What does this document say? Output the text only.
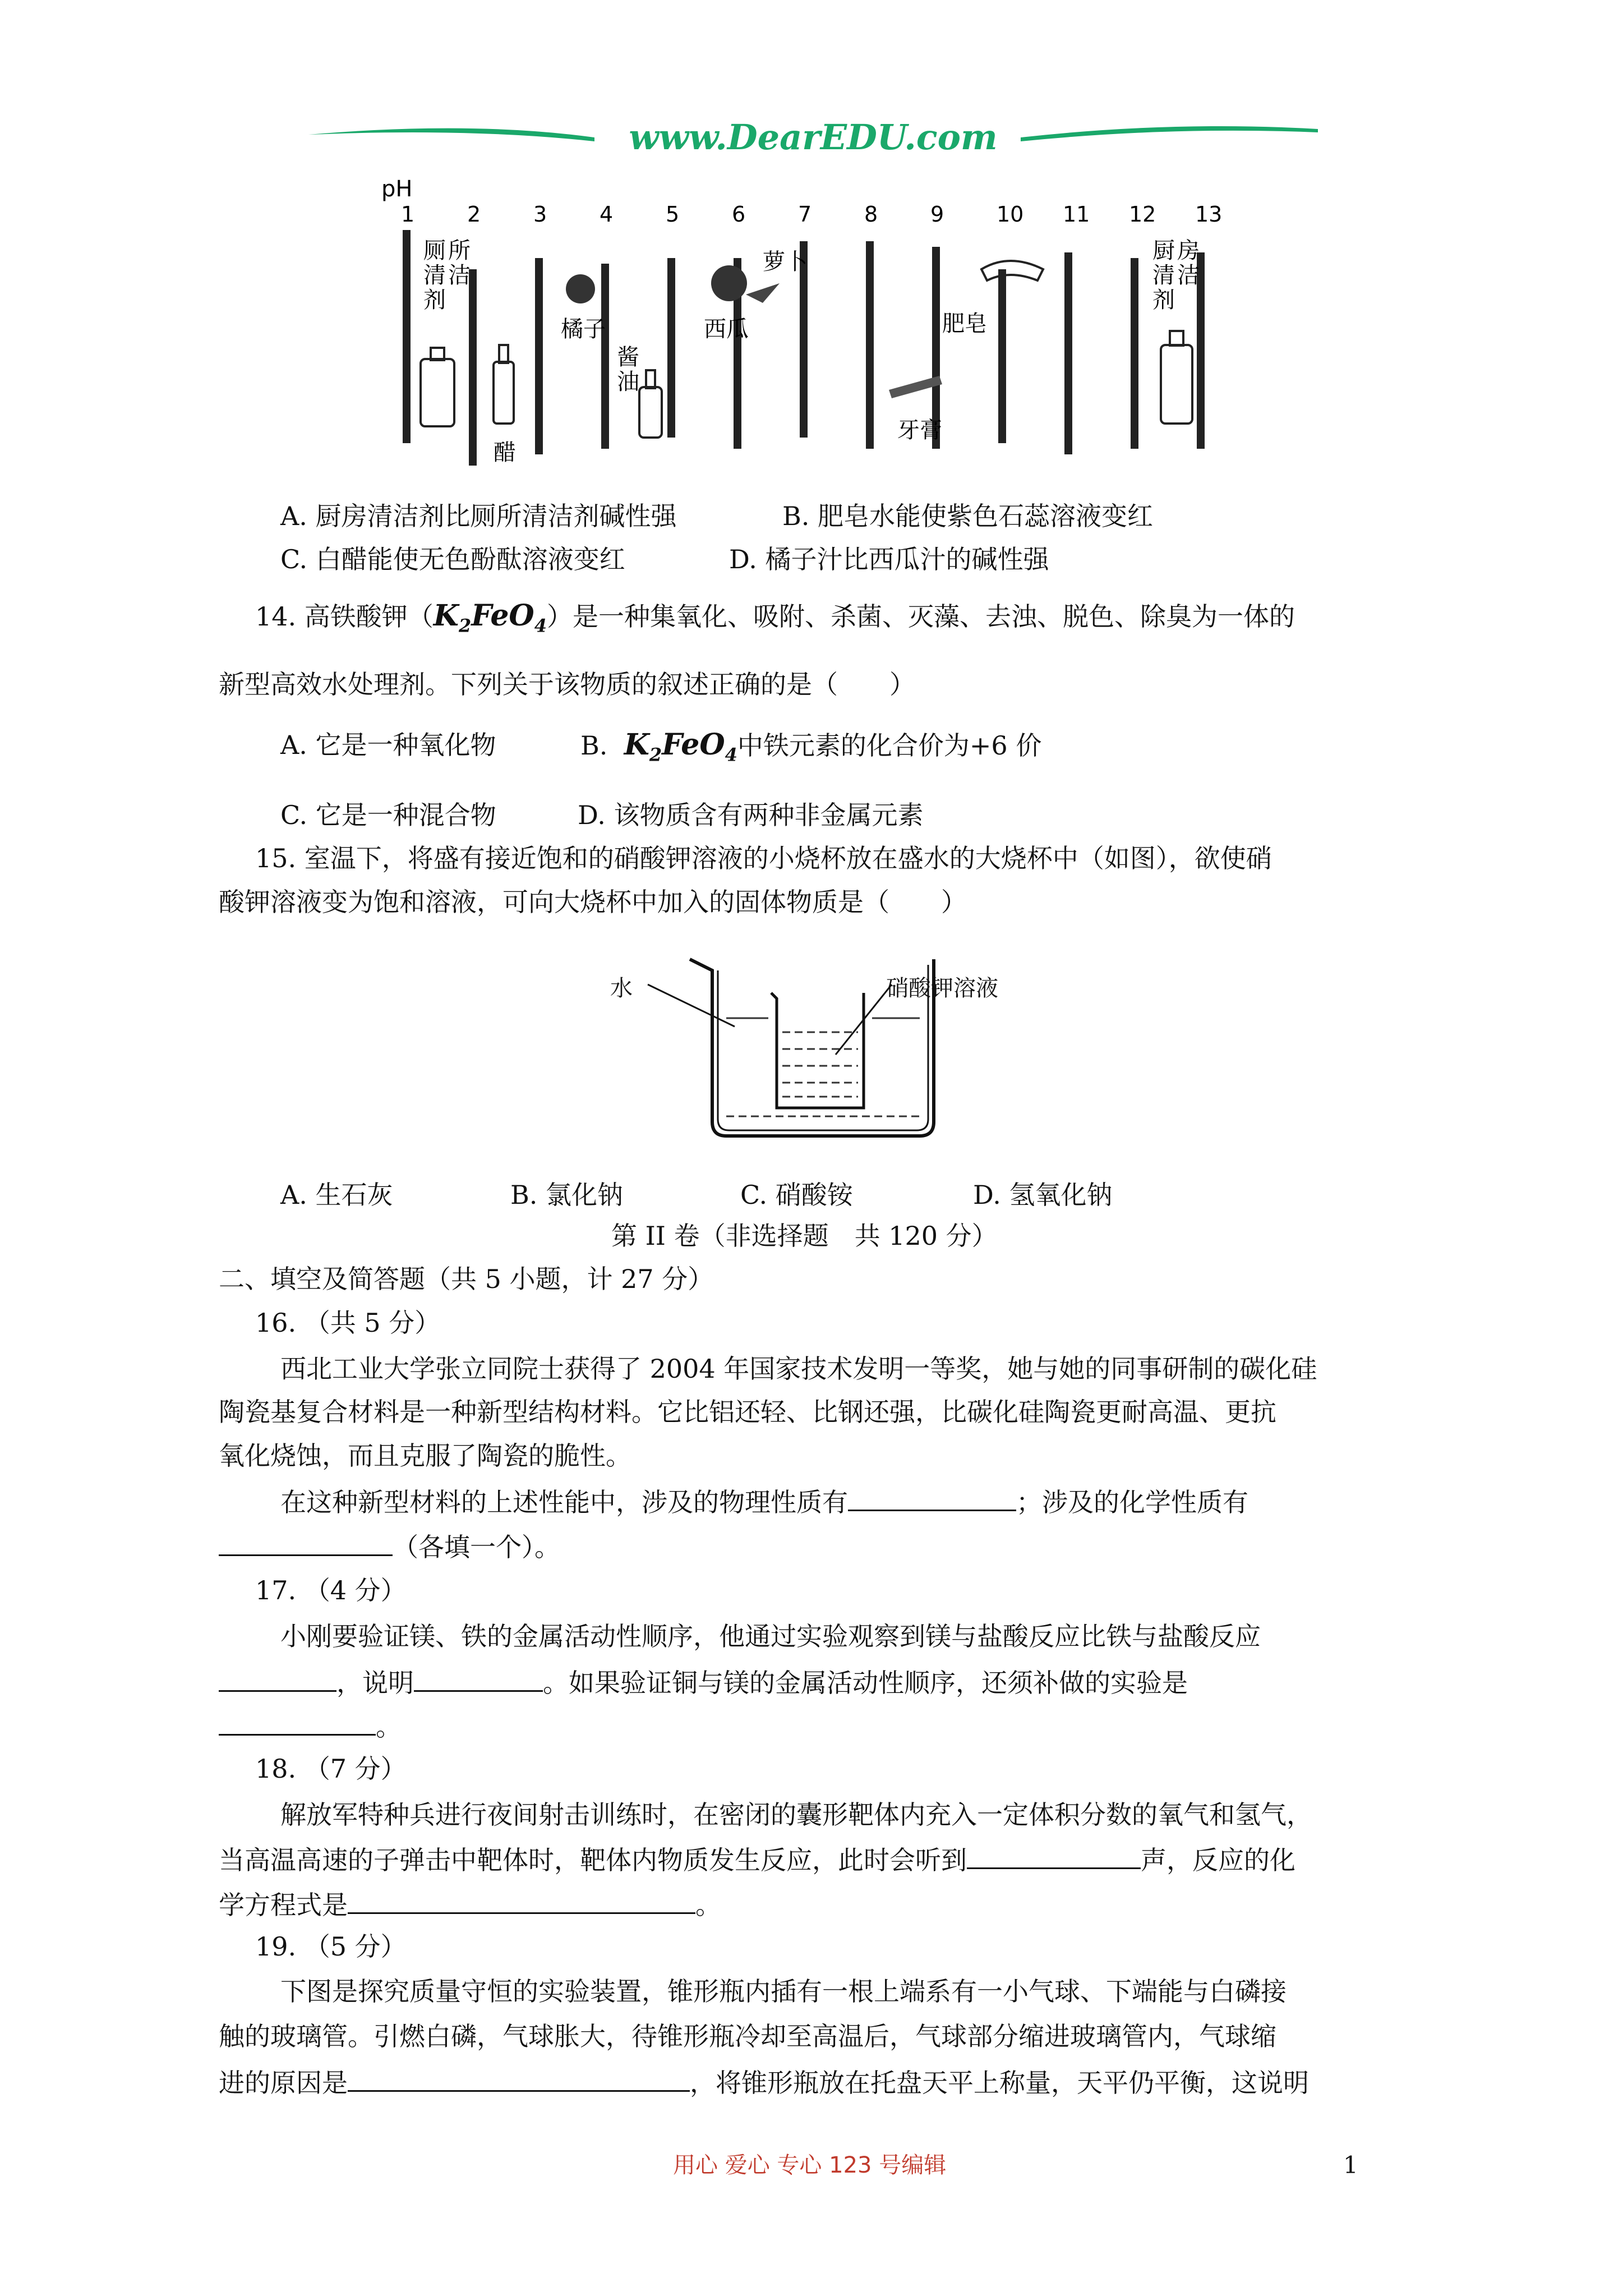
www.DearEDU.com
pH
1 2 3 4 5 6 7 8 9 10 11 12 13
厕 所清 洁剂
醋
橘子
酱油
西瓜
萝卜
牙膏
肥皂
厨 房清 洁剂
A. 厨房清洁剂比厕所清洁剂碱性强	B. 肥皂水能使紫色石蕊溶液变红
C. 白醋能使无色酚酞溶液变红	D. 橘子汁比西瓜汁的碱性强
14. 高铁酸钾$(K_2FeO_4)$是一种集氧化、吸附、杀菌、灭藻、去浊、脱色、除臭为一体的
新型高效水处理剂。下列关于该物质的叙述正确的是（　　）
A. 它是一种氧化物	B. $K_2FeO_4$中铁元素的化合价为+6 价
C. 它是一种混合物	D. 该物质含有两种非金属元素
15. 室温下，将盛有接近饱和的硝酸钾溶液的小烧杯放在盛水的大烧杯中（如图），欲使硝
酸钾溶液变为饱和溶液，可向大烧杯中加入的固体物质是（　　）
水	硝酸钾溶液
A. 生石灰	B. 氯化钠	C. 硝酸铵	D. 氢氧化钠
第 II 卷（非选择题　共 120 分）
二、填空及简答题（共 5 小题，计 27 分）
16. （共 5 分）
西北工业大学张立同院士获得了 2004 年国家技术发明一等奖，她与她的同事研制的碳化硅
陶瓷基复合材料是一种新型结构材料。它比铝还轻、比钢还强，比碳化硅陶瓷更耐高温、更抗
氧化烧蚀，而且克服了陶瓷的脆性。
在这种新型材料的上述性能中，涉及的物理性质有	；涉及的化学性质有
（各填一个）。
17. （4 分）
小刚要验证镁、铁的金属活动性顺序，他通过实验观察到镁与盐酸反应比铁与盐酸反应
，说明	。如果验证铜与镁的金属活动性顺序，还须补做的实验是
。
18. （7 分）
解放军特种兵进行夜间射击训练时，在密闭的囊形靶体内充入一定体积分数的氧气和氢气，
当高温高速的子弹击中靶体时，靶体内物质发生反应，此时会听到	声，反应的化
学方程式是	。
19. （5 分）
下图是探究质量守恒的实验装置，锥形瓶内插有一根上端系有一小气球、下端能与白磷接
触的玻璃管。引燃白磷，气球胀大，待锥形瓶冷却至高温后，气球部分缩进玻璃管内，气球缩
进的原因是	，将锥形瓶放在托盘天平上称量，天平仍平衡，这说明
用心 爱心 专心 123 号编辑	1
